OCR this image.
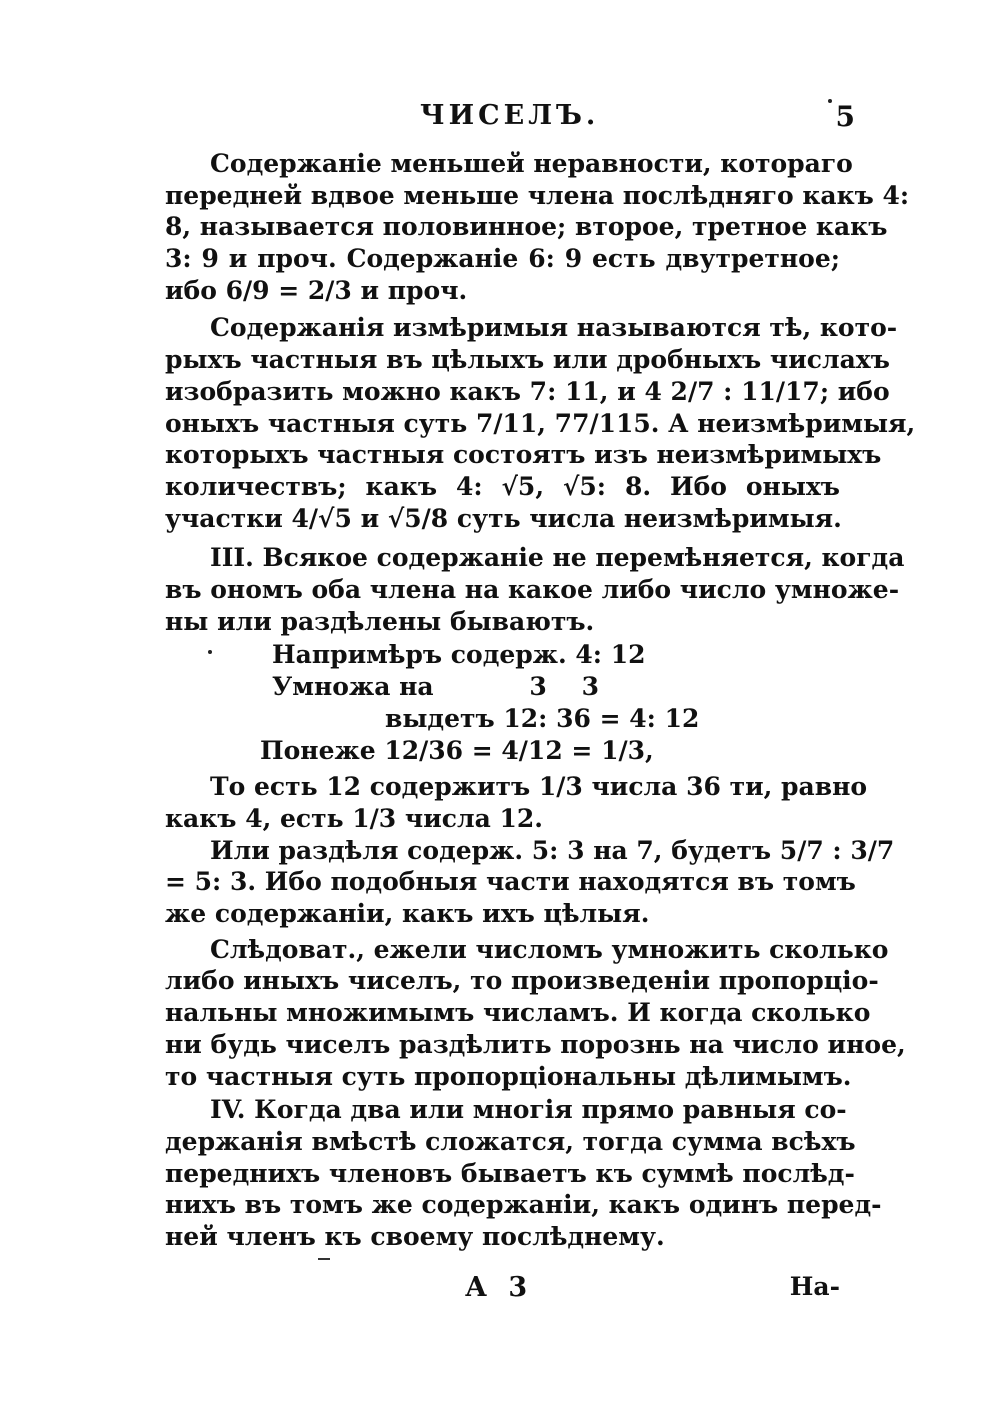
ЧИСЕЛЪ.	5
Содержаніе меньшей неравности, котораго
передней вдвое меньше члена послѣдняго какъ 4:
8, называется половинное; второе, третное какъ
3: 9 и проч. Содержаніе 6: 9 есть двутретное;
ибо 6/9 = 2/3 и проч.
Содержанія измѣримыя называются тѣ, кото-
рыхъ частныя въ цѣлыхъ или дробныхъ числахъ
изобразить можно какъ 7: 11, и 4 2/7 : 11/17; ибо
оныхъ частныя суть 7/11, 77/115. А неизмѣримыя,
которыхъ частныя состоятъ изъ неизмѣримыхъ
количествъ; какъ 4: √5, √5: 8. Ибо оныхъ
участки 4/√5 и √5/8 суть числа неизмѣримыя.
III. Всякое содержаніе не перемѣняется, когда
въ ономъ оба члена на какое либо число умноже-
ны или раздѣлены бываютъ.
Напримѣръ содерж. 4: 12
Умножа на           3    3
выдетъ 12: 36 = 4: 12
Понеже 12/36 = 4/12 = 1/3,
То есть 12 содержитъ 1/3 числа 36 ти, равно
какъ 4, есть 1/3 числа 12.
Или раздѣля содерж. 5: 3 на 7, будетъ 5/7 : 3/7
= 5: 3. Ибо подобныя части находятся въ томъ
же содержаніи, какъ ихъ цѣлыя.
Слѣдоват., ежели числомъ умножить сколько
либо иныхъ чиселъ, то произведеніи пропорціо-
нальны множимымъ числамъ. И когда сколько
ни будь чиселъ раздѣлить порознь на число иное,
то частныя суть пропорціональны дѣлимымъ.
IV. Когда два или многія прямо равныя со-
держанія вмѣстѣ сложатся, тогда сумма всѣхъ
переднихъ членовъ бываетъ къ суммѣ послѣд-
нихъ въ томъ же содержаніи, какъ одинъ перед-
ней членъ къ своему послѣднему.
А 3	На-
